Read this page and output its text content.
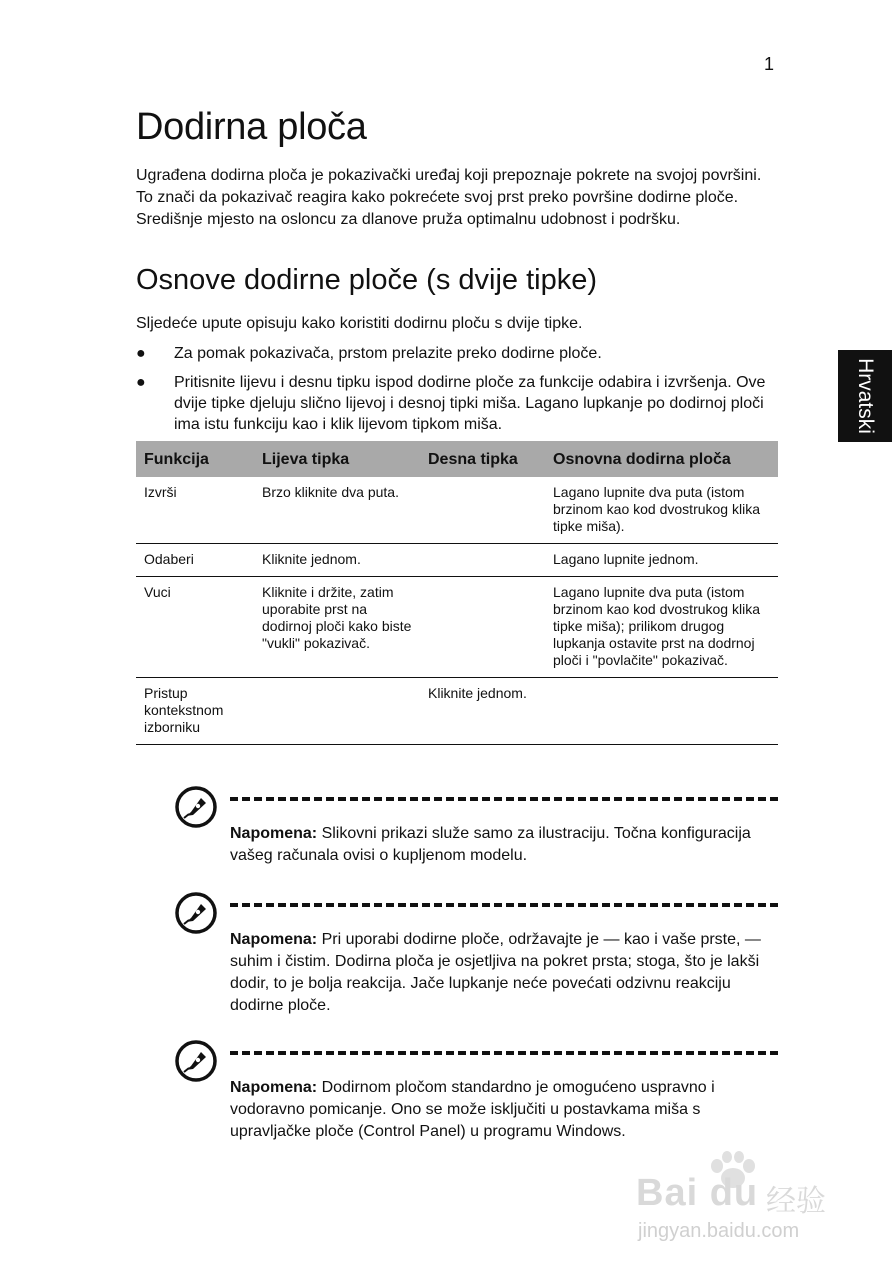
1
Hrvatski
Dodirna ploča

Ugrađena dodirna ploča je pokazivački uređaj koji prepoznaje pokrete na svojoj površini. To znači da pokazivač reagira kako pokrećete svoj prst preko površine dodirne ploče. Središnje mjesto na osloncu za dlanove pruža optimalnu udobnost i podršku.

Osnove dodirne ploče (s dvije tipke)

Sljedeće upute opisuju kako koristiti dodirnu ploču s dvije tipke.

● Za pomak pokazivača, prstom prelazite preko dodirne ploče.
● Pritisnite lijevu i desnu tipku ispod dodirne ploče za funkcije odabira i izvršenja. Ove dvije tipke djeluju slično lijevoj i desnoj tipki miša. Lagano lupkanje po dodirnoj ploči ima istu funkciju kao i klik lijevom tipkom miša.
Funkcija	Lijeva tipka	Desna tipka	Osnovna dodirna ploča
Izvrši	Brzo kliknite dva puta.		Lagano lupnite dva puta (istom brzinom kao kod dvostrukog klika tipke miša).
Odaberi	Kliknite jednom.		Lagano lupnite jednom.
Vuci	Kliknite i držite, zatim uporabite prst na dodirnoj ploči kako biste "vukli" pokazivač.		Lagano lupnite dva puta (istom brzinom kao kod dvostrukog klika tipke miša); prilikom drugog lupkanja ostavite prst na dodrnoj ploči i "povlačite" pokazivač.
Pristup kontekstnom izborniku		Kliknite jednom.	

Napomena: Slikovni prikazi služe samo za ilustraciju. Točna konfiguracija vašeg računala ovisi o kupljenom modelu.

Napomena: Pri uporabi dodirne ploče, održavajte je — kao i vaše prste, — suhim i čistim. Dodirna ploča je osjetljiva na pokret prsta; stoga, što je lakši dodir, to je bolja reakcija. Jače lupkanje neće povećati odzivnu reakciju dodirne ploče.

Napomena: Dodirnom pločom standardno je omogućeno uspravno i vodoravno pomicanje. Ono se može isključiti u postavkama miša s upravljačke ploče (Control Panel) u programu Windows.

Bai du 经验
jingyan.baidu.com
